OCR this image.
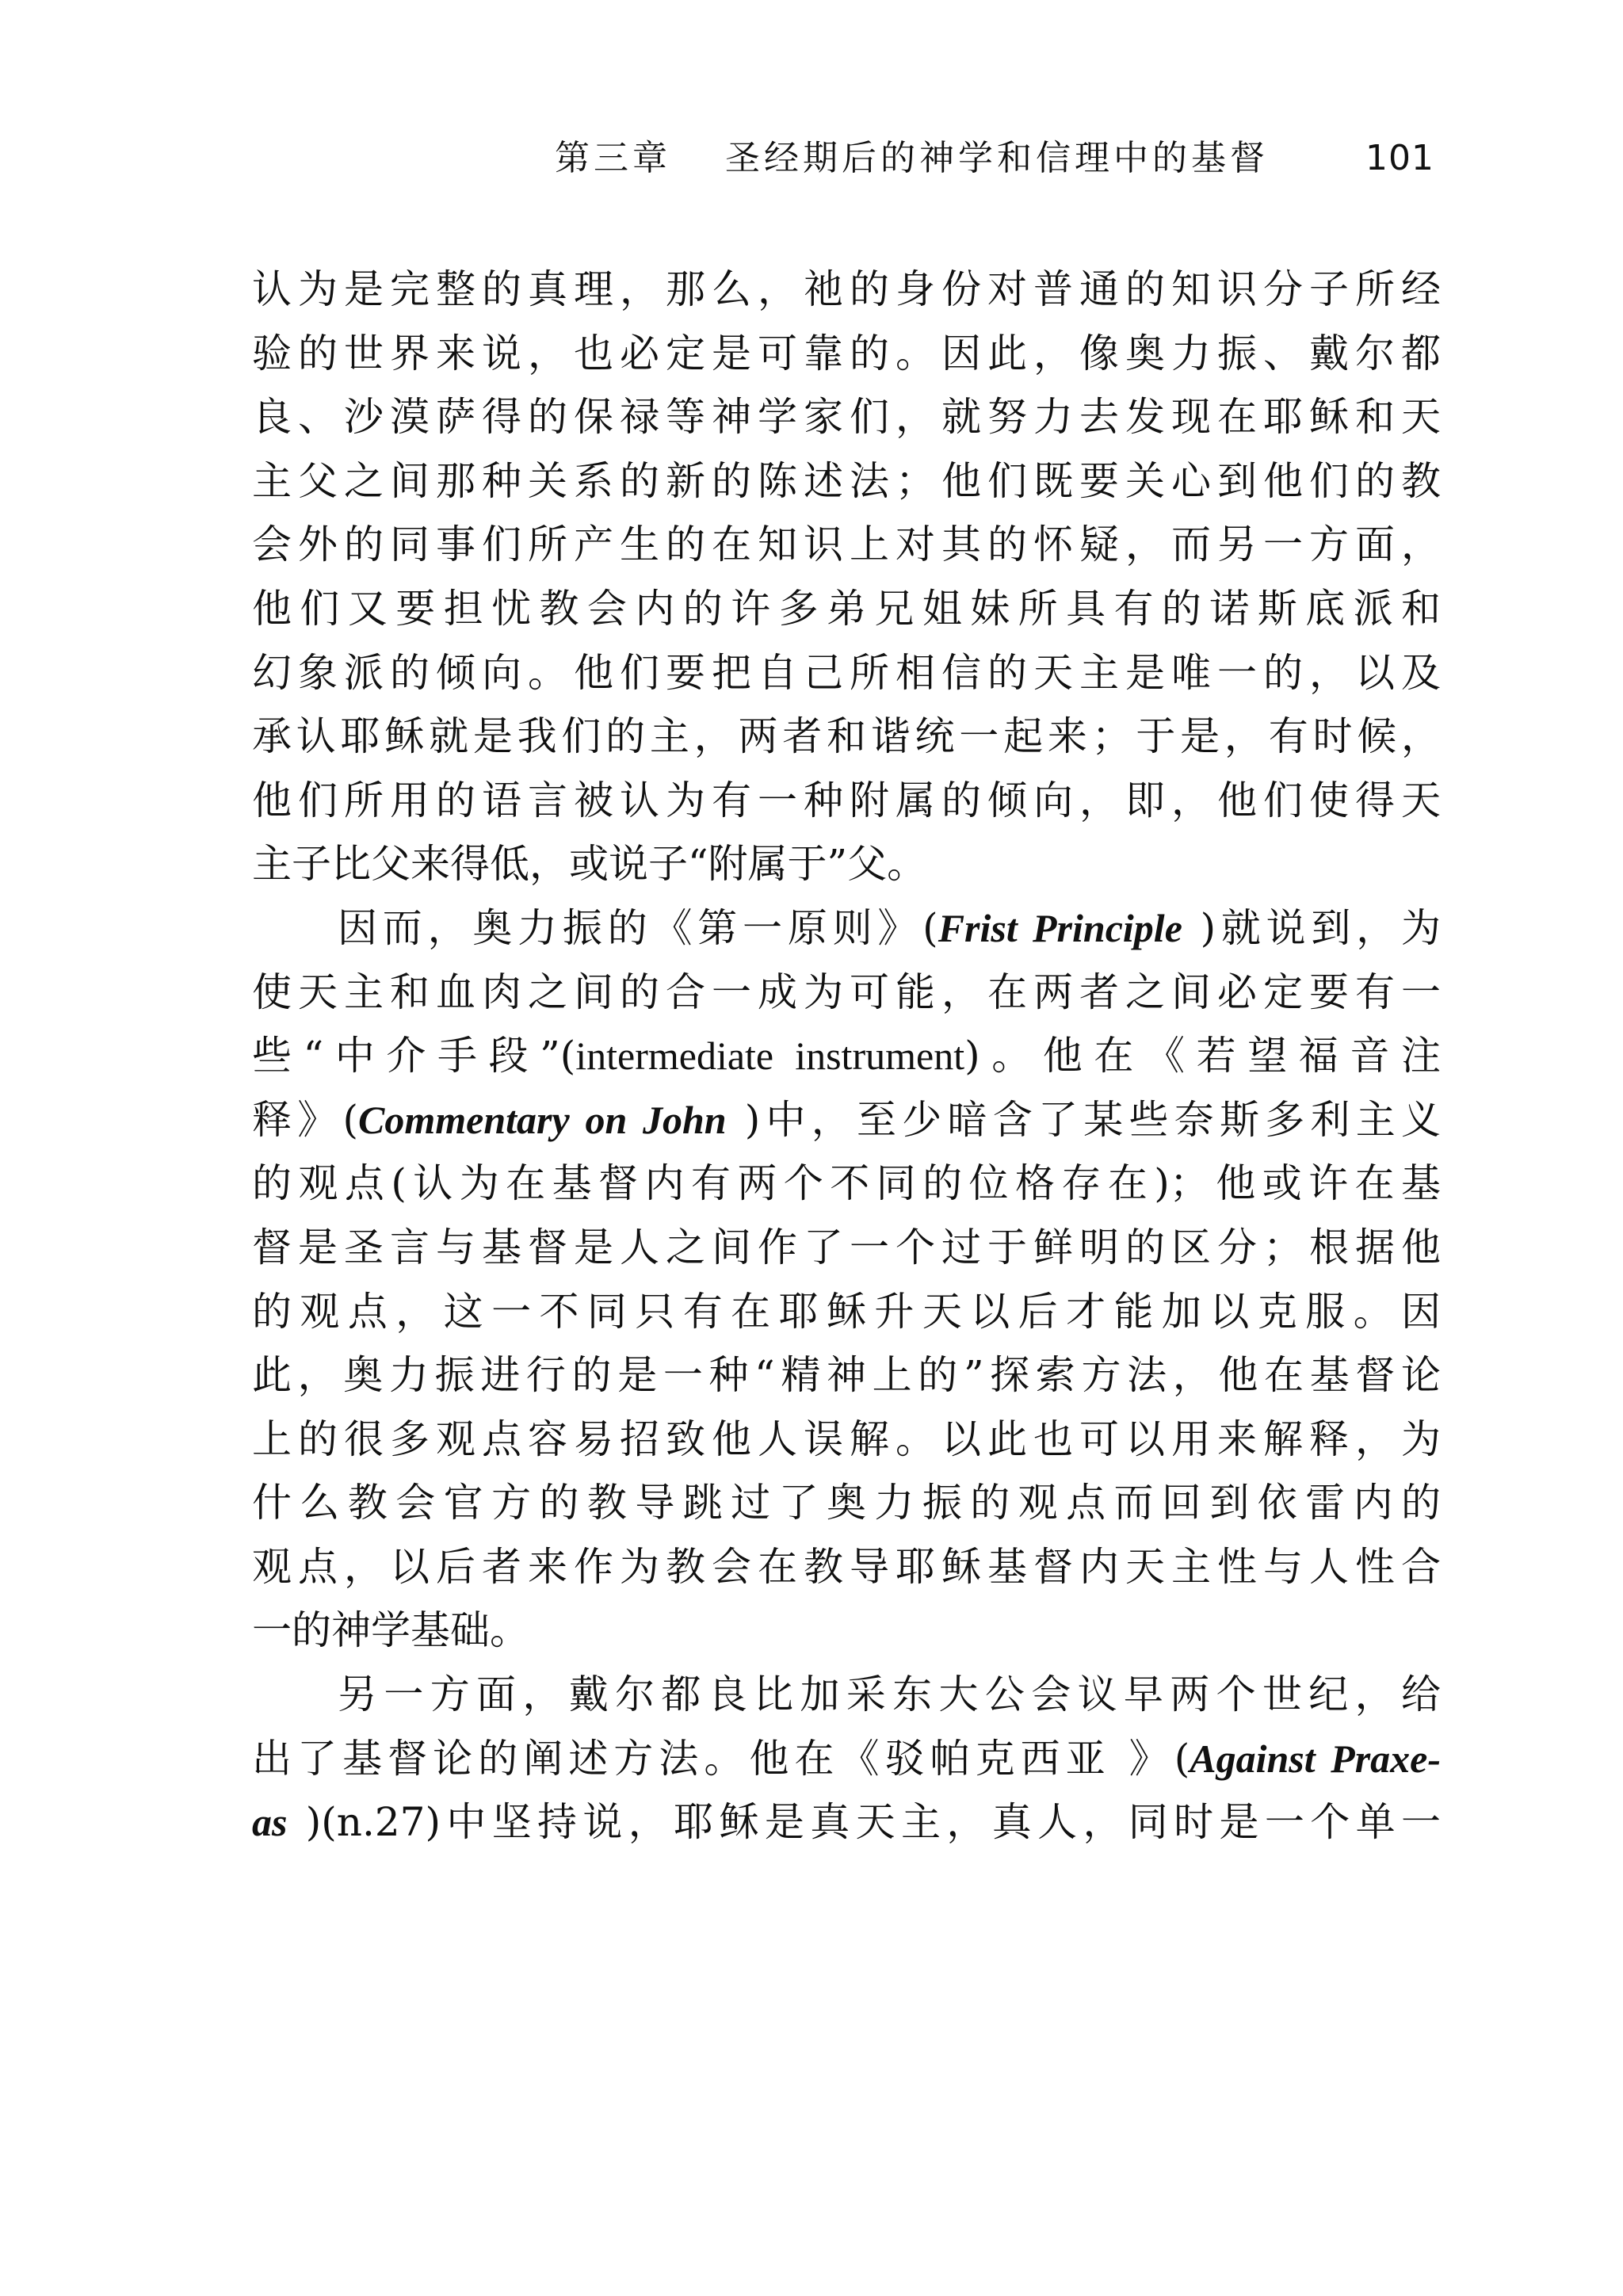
第三章 圣经期后的神学和信理中的基督	101
认为是完整的真理，那么，祂的身份对普通的知识分子所经
验的世界来说，也必定是可靠的。因此，像奥力振、戴尔都
良、沙漠萨得的保禄等神学家们，就努力去发现在耶稣和天
主父之间那种关系的新的陈述法；他们既要关心到他们的教
会外的同事们所产生的在知识上对其的怀疑，而另一方面，
他们又要担忧教会内的许多弟兄姐妹所具有的诺斯底派和
幻象派的倾向。他们要把自己所相信的天主是唯一的，以及
承认耶稣就是我们的主，两者和谐统一起来；于是，有时候，
他们所用的语言被认为有一种附属的倾向，即，他们使得天
主子比父来得低，或说子“附属于”父。
因而，奥力振的《第一原则》(Frist Principle )就说到，为
使天主和血肉之间的合一成为可能，在两者之间必定要有一
些“中介手段”(intermediate instrument)。他在《若望福音注
释》(Commentary on John )中，至少暗含了某些奈斯多利主义
的观点(认为在基督内有两个不同的位格存在)；他或许在基
督是圣言与基督是人之间作了一个过于鲜明的区分；根据他
的观点，这一不同只有在耶稣升天以后才能加以克服。因
此，奥力振进行的是一种“精神上的”探索方法，他在基督论
上的很多观点容易招致他人误解。以此也可以用来解释，为
什么教会官方的教导跳过了奥力振的观点而回到依雷内的
观点，以后者来作为教会在教导耶稣基督内天主性与人性合
一的神学基础。
另一方面，戴尔都良比加采东大公会议早两个世纪，给
出了基督论的阐述方法。他在《驳帕克西亚 》(Against Praxe-
as )(n.27)中坚持说，耶稣是真天主，真人，同时是一个单一
